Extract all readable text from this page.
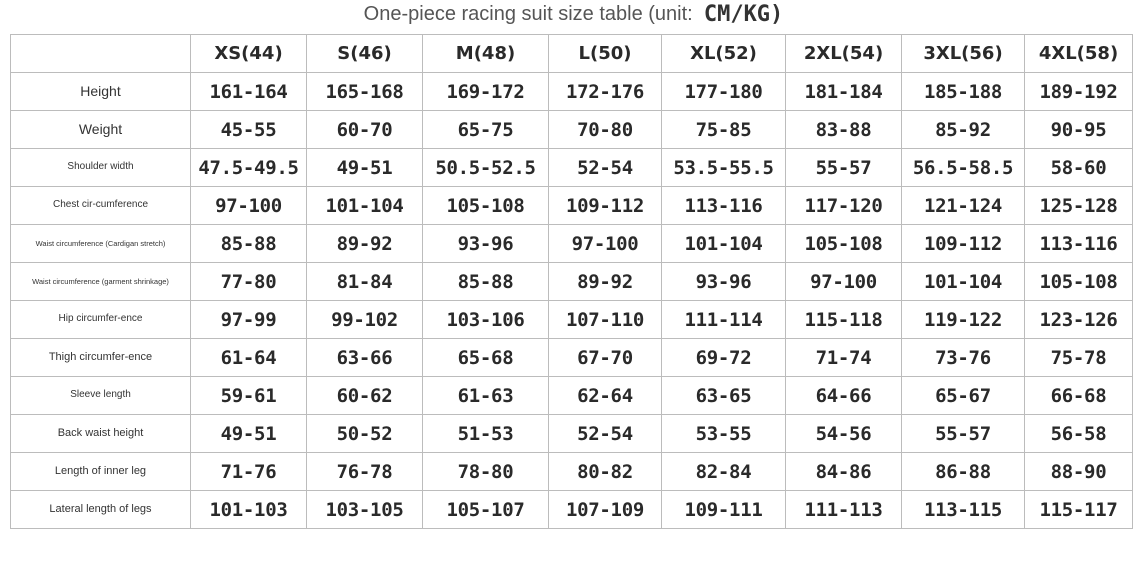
One-piece racing suit size table (unit: CM/KG)
	XS(44)	S(46)	M(48)	L(50)	XL(52)	2XL(54)	3XL(56)	4XL(58)
Height	161-164	165-168	169-172	172-176	177-180	181-184	185-188	189-192
Weight	45-55	60-70	65-75	70-80	75-85	83-88	85-92	90-95
Shoulder width	47.5-49.5	49-51	50.5-52.5	52-54	53.5-55.5	55-57	56.5-58.5	58-60
Chest cir-cumference	97-100	101-104	105-108	109-112	113-116	117-120	121-124	125-128
Waist circumference (Cardigan stretch)	85-88	89-92	93-96	97-100	101-104	105-108	109-112	113-116
Waist circumference (garment shrinkage)	77-80	81-84	85-88	89-92	93-96	97-100	101-104	105-108
Hip circumfer-ence	97-99	99-102	103-106	107-110	111-114	115-118	119-122	123-126
Thigh circumfer-ence	61-64	63-66	65-68	67-70	69-72	71-74	73-76	75-78
Sleeve length	59-61	60-62	61-63	62-64	63-65	64-66	65-67	66-68
Back waist height	49-51	50-52	51-53	52-54	53-55	54-56	55-57	56-58
Length of inner leg	71-76	76-78	78-80	80-82	82-84	84-86	86-88	88-90
Lateral length of legs	101-103	103-105	105-107	107-109	109-111	111-113	113-115	115-117
